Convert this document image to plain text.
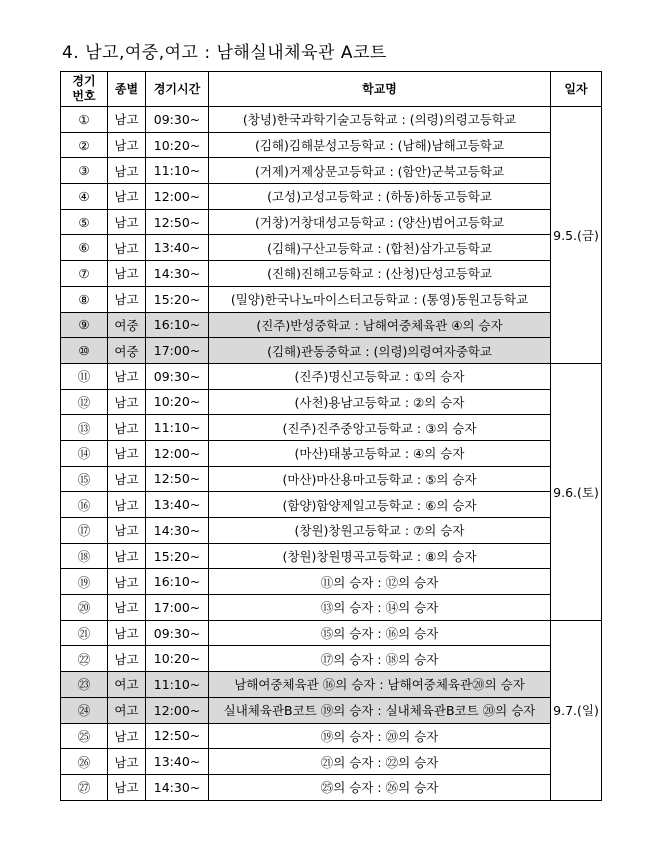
4. 남고,여중,여고 : 남해실내체육관 A코트
경기
번호	종별	경기시간	학교명	일자
①	남고	09:30~	(창녕)한국과학기술고등학교 : (의령)의령고등학교	9.5.(금)
②	남고	10:20~	(김해)김해분성고등학교 : (남해)남해고등학교	
③	남고	11:10~	(거제)거제상문고등학교 : (함안)군북고등학교	
④	남고	12:00~	(고성)고성고등학교 : (하동)하동고등학교	
⑤	남고	12:50~	(거창)거창대성고등학교 : (양산)범어고등학교	
⑥	남고	13:40~	(김해)구산고등학교 : (합천)삼가고등학교	
⑦	남고	14:30~	(진해)진해고등학교 : (산청)단성고등학교	
⑧	남고	15:20~	(밀양)한국나노마이스터고등학교 : (통영)동원고등학교	
⑨	여중	16:10~	(진주)반성중학교 : 남해여중체육관 ④의 승자	
⑩	여중	17:00~	(김해)관동중학교 : (의령)의령여자중학교	
⑪	남고	09:30~	(진주)명신고등학교 : ①의 승자	9.6.(토)
⑫	남고	10:20~	(사천)용남고등학교 : ②의 승자	
⑬	남고	11:10~	(진주)진주중앙고등학교 : ③의 승자	
⑭	남고	12:00~	(마산)태봉고등학교 : ④의 승자	
⑮	남고	12:50~	(마산)마산용마고등학교 : ⑤의 승자	
⑯	남고	13:40~	(함양)함양제일고등학교 : ⑥의 승자	
⑰	남고	14:30~	(창원)창원고등학교 : ⑦의 승자	
⑱	남고	15:20~	(창원)창원명곡고등학교 : ⑧의 승자	
⑲	남고	16:10~	⑪의 승자 : ⑫의 승자	
⑳	남고	17:00~	⑬의 승자 : ⑭의 승자	
㉑	남고	09:30~	⑮의 승자 : ⑯의 승자	9.7.(일)
㉒	남고	10:20~	⑰의 승자 : ⑱의 승자	
㉓	여고	11:10~	남해여중체육관 ⑯의 승자 : 남해여중체육관⑳의 승자	
㉔	여고	12:00~	실내체육관B코트 ⑲의 승자 : 실내체육관B코트 ⑳의 승자	
㉕	남고	12:50~	⑲의 승자 : ⑳의 승자	
㉖	남고	13:40~	㉑의 승자 : ㉒의 승자	
㉗	남고	14:30~	㉕의 승자 : ㉖의 승자	
